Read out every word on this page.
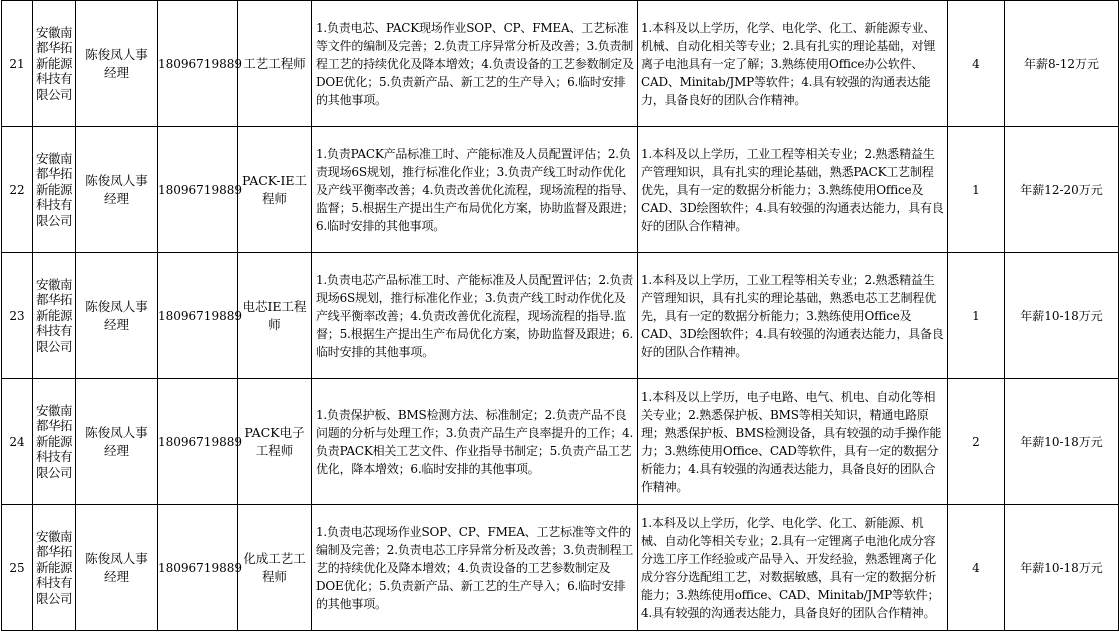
21	安徽南都华拓新能源科技有限公司	陈俊凤人事经理	18096719889	工艺工程师	1.负责电芯、PACK现场作业SOP、CP、FMEA、工艺标准等文件的编制及完善；2.负责工序异常分析及改善；3.负责制程工艺的持续优化及降本增效；4.负责设备的工艺参数制定及DOE优化；5.负责新产品、新工艺的生产导入；6.临时安排的其他事项。	1.本科及以上学历，化学、电化学、化工、新能源专业、机械、自动化相关等专业；2.具有扎实的理论基础，对锂离子电池具有一定了解；3.熟练使用Office办公软件、CAD、Minitab/JMP等软件；4.具有较强的沟通表达能力，具备良好的团队合作精神。	4	年薪8-12万元
22	安徽南都华拓新能源科技有限公司	陈俊凤人事经理	18096719889	PACK-IE工程师	1.负责PACK产品标准工时、产能标准及人员配置评估；2.负责现场6S规划，推行标准化作业；3.负责产线工时动作优化及产线平衡率改善；4.负责改善优化流程，现场流程的指导、监督；5.根据生产提出生产布局优化方案，协助监督及跟进；6.临时安排的其他事项。	1.本科及以上学历，工业工程等相关专业；2.熟悉精益生产管理知识，具有扎实的理论基础，熟悉PACK工艺制程优先，具有一定的数据分析能力；3.熟练使用Office及CAD、3D绘图软件；4.具有较强的沟通表达能力，具有良好的团队合作精神。	1	年薪12-20万元
23	安徽南都华拓新能源科技有限公司	陈俊凤人事经理	18096719889	电芯IE工程师	1.负责电芯产品标准工时、产能标准及人员配置评估；2.负责现场6S规划，推行标准化作业；3.负责产线工时动作优化及产线平衡率改善；4.负责改善优化流程，现场流程的指导.监督；5.根据生产提出生产布局优化方案，协助监督及跟进；6.临时安排的其他事项。	1.本科及以上学历，工业工程等相关专业；2.熟悉精益生产管理知识，具有扎实的理论基础，熟悉电芯工艺制程优先，具有一定的数据分析能力；3.熟练使用Office及CAD、3D绘图软件；4.具有较强的沟通表达能力，具备良好的团队合作精神。	1	年薪10-18万元
24	安徽南都华拓新能源科技有限公司	陈俊凤人事经理	18096719889	PACK电子工程师	1.负责保护板、BMS检测方法、标准制定；2.负责产品不良问题的分析与处理工作；3.负责产品生产良率提升的工作；4.负责PACK相关工艺文件、作业指导书制定；5.负责产品工艺优化，降本增效；6.临时安排的其他事项。	1.本科及以上学历，电子电路、电气、机电、自动化等相关专业；2.熟悉保护板、BMS等相关知识，精通电路原理；熟悉保护板、BMS检测设备，具有较强的动手操作能力；3.熟练使用Office、CAD等软件，具有一定的数据分析能力；4.具有较强的沟通表达能力，具备良好的团队合作精神。	2	年薪10-18万元
25	安徽南都华拓新能源科技有限公司	陈俊凤人事经理	18096719889	化成工艺工程师	1.负责电芯现场作业SOP、CP、FMEA、工艺标准等文件的编制及完善；2.负责电芯工序异常分析及改善；3.负责制程工艺的持续优化及降本增效；4.负责设备的工艺参数制定及DOE优化；5.负责新产品、新工艺的生产导入；6.临时安排的其他事项。	1.本科及以上学历，化学、电化学、化工、新能源、机械、自动化等相关专业；2.具有一定锂离子电池化成分容分选工序工作经验或产品导入、开发经验，熟悉锂离子化成分容分选配组工艺，对数据敏感，具有一定的数据分析能力；3.熟练使用office、CAD、Minitab/JMP等软件；4.具有较强的沟通表达能力，具备良好的团队合作精神。	4	年薪10-18万元
